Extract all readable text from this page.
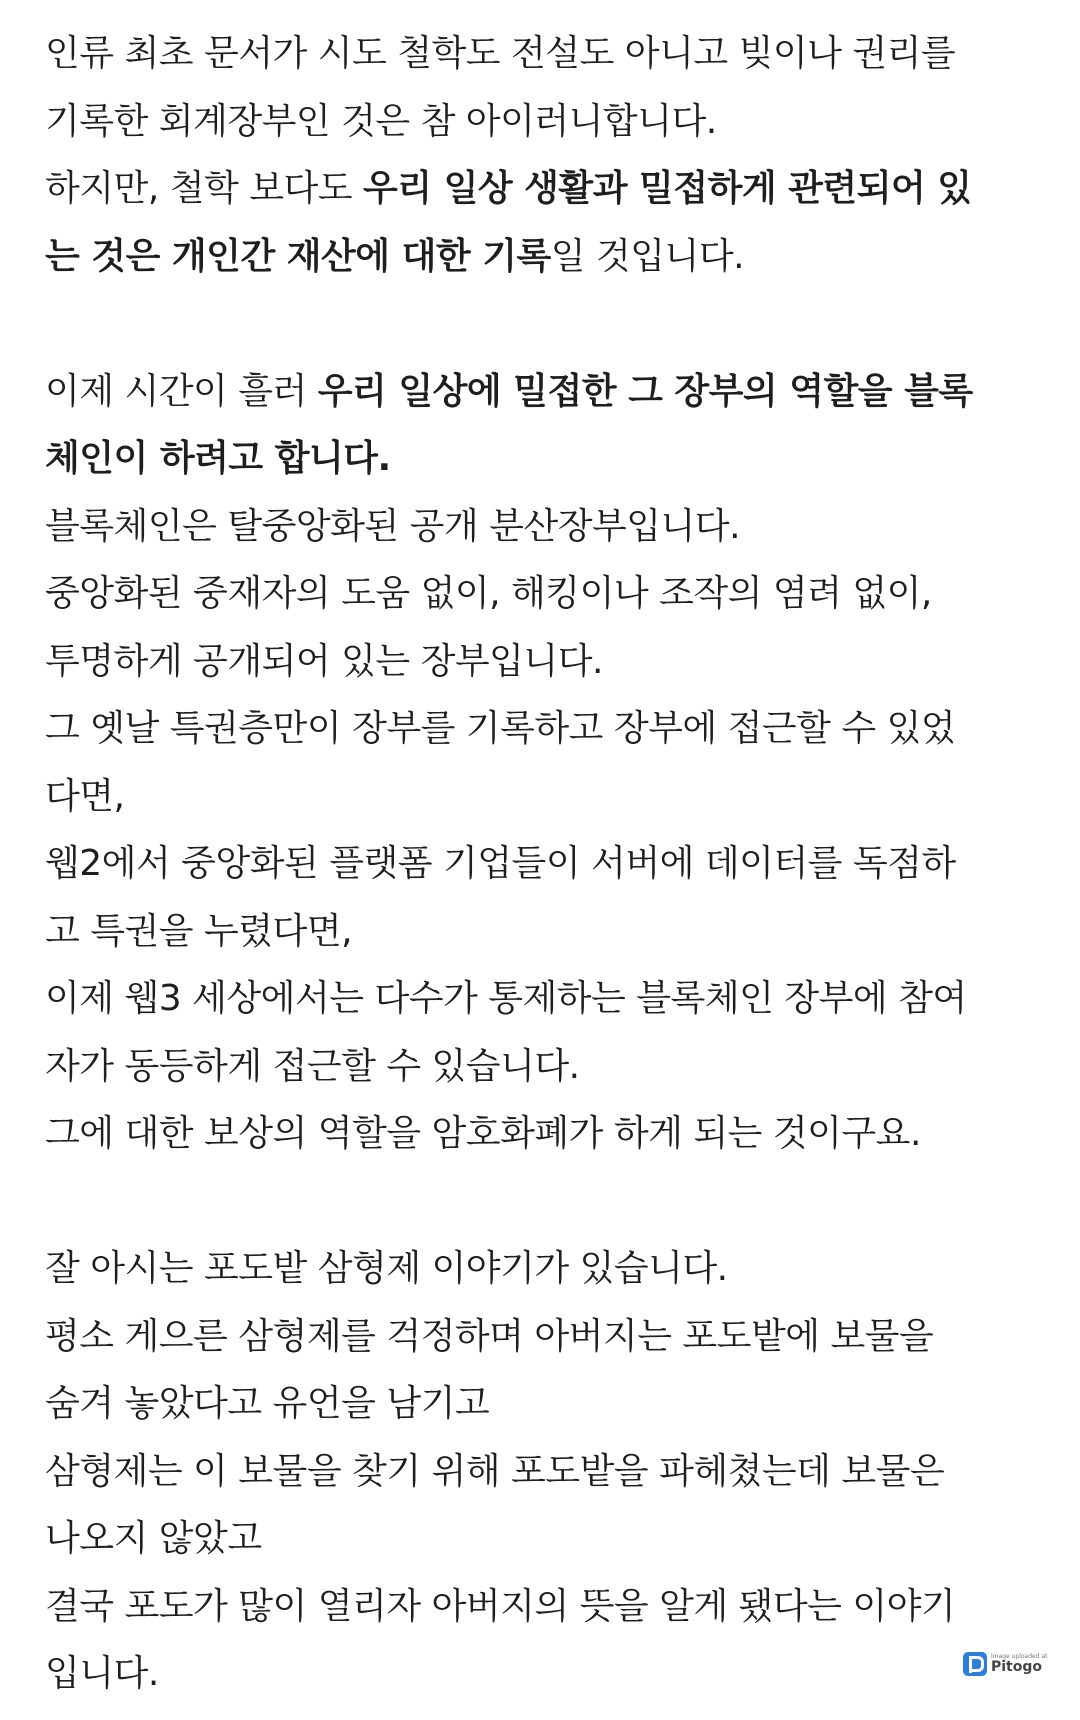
인류 최초 문서가 시도 철학도 전설도 아니고 빚이나 권리를
기록한 회계장부인 것은 참 아이러니합니다.
하지만, 철학 보다도 우리 일상 생활과 밀접하게 관련되어 있
는 것은 개인간 재산에 대한 기록일 것입니다.
이제 시간이 흘러 우리 일상에 밀접한 그 장부의 역할을 블록
체인이 하려고 합니다.
블록체인은 탈중앙화된 공개 분산장부입니다.
중앙화된 중재자의 도움 없이, 해킹이나 조작의 염려 없이,
투명하게 공개되어 있는 장부입니다.
그 옛날 특권층만이 장부를 기록하고 장부에 접근할 수 있었
다면,
웹2에서 중앙화된 플랫폼 기업들이 서버에 데이터를 독점하
고 특권을 누렸다면,
이제 웹3 세상에서는 다수가 통제하는 블록체인 장부에 참여
자가 동등하게 접근할 수 있습니다.
그에 대한 보상의 역할을 암호화폐가 하게 되는 것이구요.
잘 아시는 포도밭 삼형제 이야기가 있습니다.
평소 게으른 삼형제를 걱정하며 아버지는 포도밭에 보물을
숨겨 놓았다고 유언을 남기고
삼형제는 이 보물을 찾기 위해 포도밭을 파헤쳤는데 보물은
나오지 않았고
결국 포도가 많이 열리자 아버지의 뜻을 알게 됐다는 이야기
입니다.	image uploaded at
Pitogo
